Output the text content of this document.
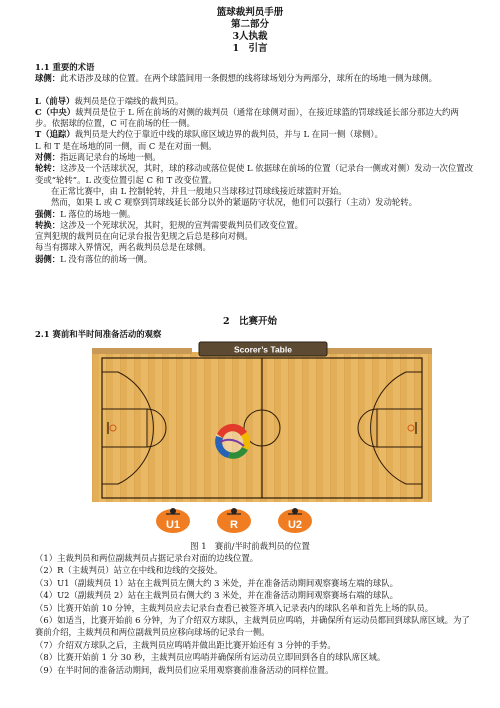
篮球裁判员手册
第二部分
3人执裁
1　引言
1.1 重要的术语
球侧：此术语涉及球的位置。在两个球篮间用一条假想的线将球场划分为两部分，球所在的场地一侧为球侧。
L（前导）裁判员是位于端线的裁判员。
C（中央）裁判员是位于 L 所在前场的对侧的裁判员（通常在球侧对面），在接近球篮的罚球线延长部分那边大约两步。依据球的位置，C 可在前场的任一侧。
T（追踪）裁判员是大约位于靠近中线的球队席区域边界的裁判员，并与 L 在同一侧（球侧）。
L 和 T 是在场地的同一侧，而 C 是在对面一侧。
对侧：指远离记录台的场地一侧。
轮转：这涉及一个活球状况，其时，球的移动或落位促使 L 依据球在前场的位置（记录台一侧或对侧）发动一次位置改变或“轮转”。L 改变位置引起 C 和 T 改变位置。
在正常比赛中，由 L 控制轮转，并且一般地只当球移过罚球线接近球篮时开始。
然而，如果 L 或 C 观察到罚球线延长部分以外的紧逼防守状况，他们可以强行（主动）发动轮转。
强侧：L 落位的场地一侧。
转换：这涉及一个死球状况，其时，犯规的宣判需要裁判员们改变位置。
宣判犯规的裁判员在向记录台报告犯规之后总是移向对侧。
每当有掷球入界情况，两名裁判员总是在球侧。
弱侧：L 没有落位的前场一侧。
2　比赛开始
2.1 赛前和半时间准备活动的观察
Scorer’s Table
U1	R	U2
图 1　赛前/半时前裁判员的位置
（1）主裁判员和两位副裁判员占据记录台对面的边线位置。
（2）R（主裁判员）站立在中线和边线的交接处。
（3）U1（副裁判员 1）站在主裁判员左侧大约 3 米处，并在准备活动期间观察赛场左端的球队。
（4）U2（副裁判员 2）站在主裁判员右侧大约 3 米处，并在准备活动期间观察赛场右端的球队。
（5）比赛开始前 10 分钟，主裁判员应去记录台查看已被签齐填入记录表内的球队名单和首先上场的队员。
（6）如适当，比赛开始前 6 分钟，为了介绍双方球队，主裁判员应鸣哨，并确保所有运动员都回到球队席区域。为了赛前介绍，主裁判员和两位副裁判员应移向球场的记录台一侧。
（7）介绍双方球队之后，主裁判员应鸣哨并做出距比赛开始还有 3 分钟的手势。
（8）比赛开始前 1 分 30 秒，主裁判员应鸣哨并确保所有运动员立即回到各自的球队席区域。
（9）在半时间的准备活动期间，裁判员们应采用观察赛前准备活动的同样位置。
